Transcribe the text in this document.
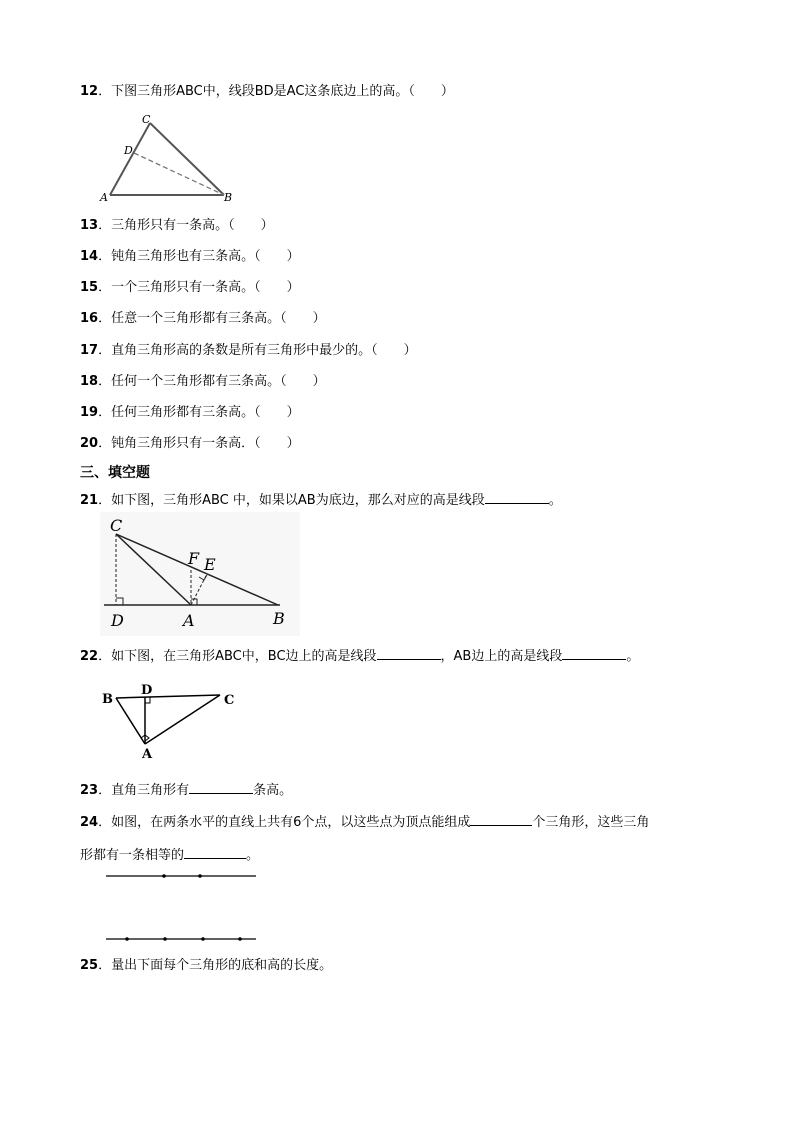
12．下图三角形ABC中，线段BD是AC这条底边上的高。（　　）
C
D
A	B
13．三角形只有一条高。（　　）
14．钝角三角形也有三条高。（　　）
15．一个三角形只有一条高。（　　）
16．任意一个三角形都有三条高。（　　）
17．直角三角形高的条数是所有三角形中最少的。（　　）
18．任何一个三角形都有三条高。（　　）
19．任何三角形都有三条高。（　　）
20．钝角三角形只有一条高．（　　）
三、填空题
21．如下图，三角形ABC 中，如果以AB为底边，那么对应的高是线段	。
C
F E
D	A	B
22．如下图，在三角形ABC中，BC边上的高是线段	，AB边上的高是线段	。
B
D
C
A
23．直角三角形有	条高。
24．如图，在两条水平的直线上共有6个点，以这些点为顶点能组成	个三角形，这些三角
形都有一条相等的	。
25．量出下面每个三角形的底和高的长度。
